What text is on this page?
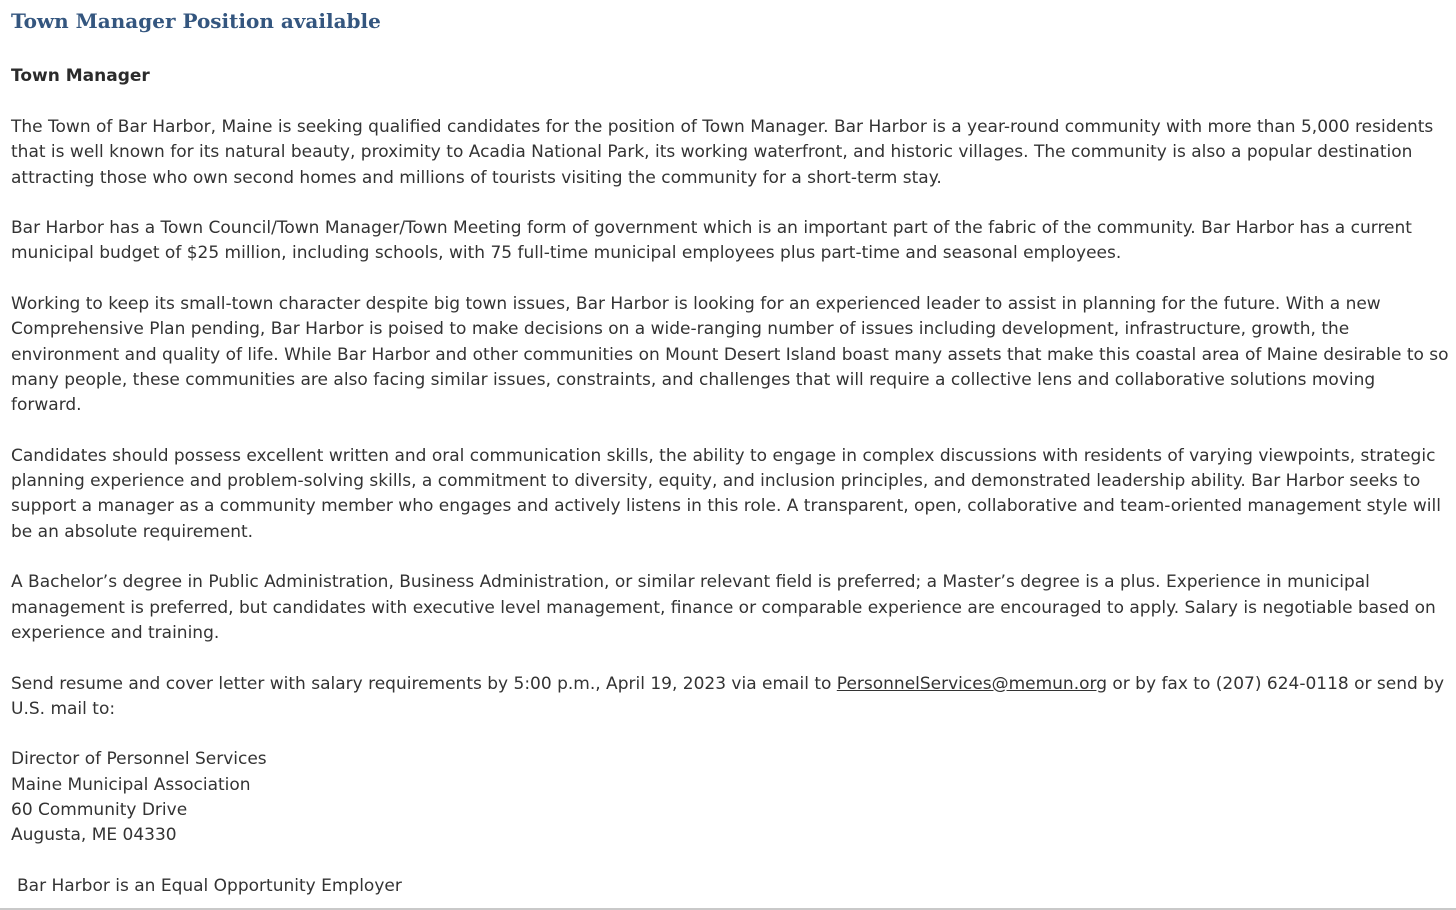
Town Manager Position available
Town Manager

The Town of Bar Harbor, Maine is seeking qualified candidates for the position of Town Manager. Bar Harbor is a year-round community with more than 5,000 residents that is well known for its natural beauty, proximity to Acadia National Park, its working waterfront, and historic villages. The community is also a popular destination attracting those who own second homes and millions of tourists visiting the community for a short-term stay.

Bar Harbor has a Town Council/Town Manager/Town Meeting form of government which is an important part of the fabric of the community. Bar Harbor has a current municipal budget of $25 million, including schools, with 75 full-time municipal employees plus part-time and seasonal employees.

Working to keep its small-town character despite big town issues, Bar Harbor is looking for an experienced leader to assist in planning for the future. With a new Comprehensive Plan pending, Bar Harbor is poised to make decisions on a wide-ranging number of issues including development, infrastructure, growth, the environment and quality of life. While Bar Harbor and other communities on Mount Desert Island boast many assets that make this coastal area of Maine desirable to so many people, these communities are also facing similar issues, constraints, and challenges that will require a collective lens and collaborative solutions moving forward.

Candidates should possess excellent written and oral communication skills, the ability to engage in complex discussions with residents of varying viewpoints, strategic planning experience and problem-solving skills, a commitment to diversity, equity, and inclusion principles, and demonstrated leadership ability. Bar Harbor seeks to support a manager as a community member who engages and actively listens in this role. A transparent, open, collaborative and team-oriented management style will be an absolute requirement.

A Bachelor’s degree in Public Administration, Business Administration, or similar relevant field is preferred; a Master’s degree is a plus. Experience in municipal management is preferred, but candidates with executive level management, finance or comparable experience are encouraged to apply. Salary is negotiable based on experience and training.

Send resume and cover letter with salary requirements by 5:00 p.m., April 19, 2023 via email to PersonnelServices@memun.org or by fax to (207) 624-0118 or send by U.S. mail to:

Director of Personnel Services
Maine Municipal Association
60 Community Drive
Augusta, ME 04330

Bar Harbor is an Equal Opportunity Employer
